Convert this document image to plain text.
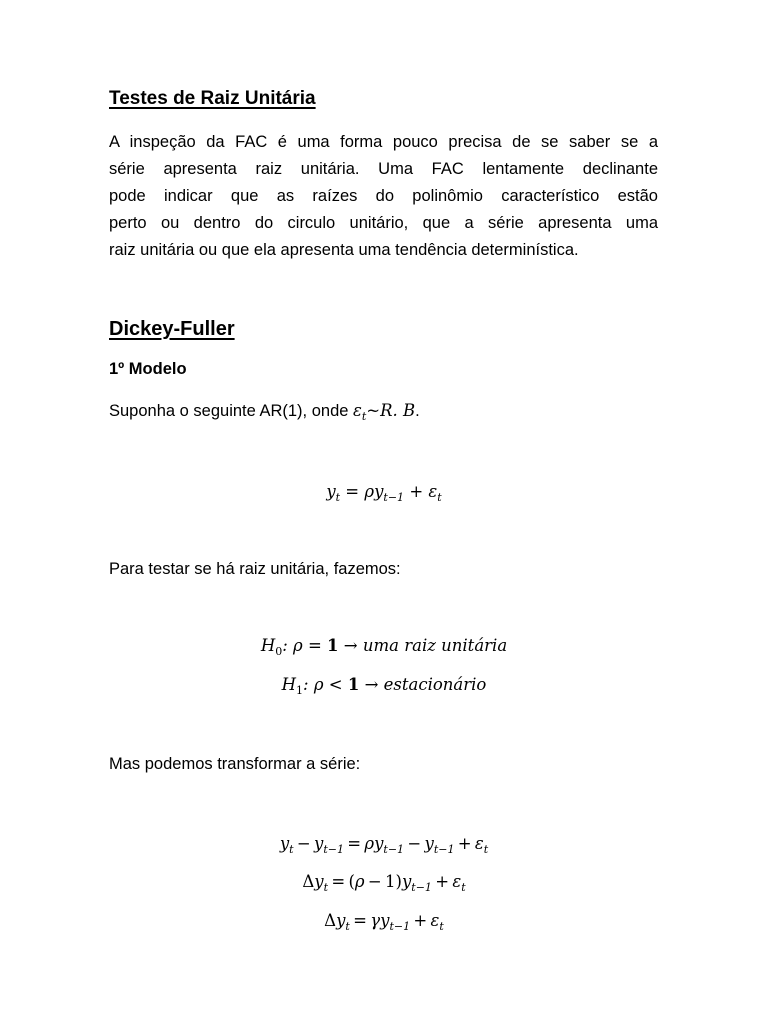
Testes de Raiz Unitária
A inspeção da FAC é uma forma pouco precisa de se saber se a
série apresenta raiz unitária. Uma FAC lentamente declinante
pode indicar que as raízes do polinômio característico estão
perto ou dentro do circulo unitário, que a série apresenta uma
raiz unitária ou que ela apresenta uma tendência determinística.
Dickey-Fuller
1º Modelo
Suponha o seguinte AR(1), onde $\varepsilon_t\sim R$. B.
$y_t = \rho y_{t-1} + \varepsilon_t$
Para testar se há raiz unitária, fazemos:
$H_0$: ρ = 1 → uma raiz unitária
$H_1$: ρ < 1 → estacionário
Mas podemos transformar a série:
$y_t - y_{t-1} = \rho y_{t-1} - y_{t-1} + \varepsilon_t$
$\Delta y_t = (\rho - 1)y_{t-1} + \varepsilon_t$
$\Delta y_t = \gamma y_{t-1} + \varepsilon_t$
